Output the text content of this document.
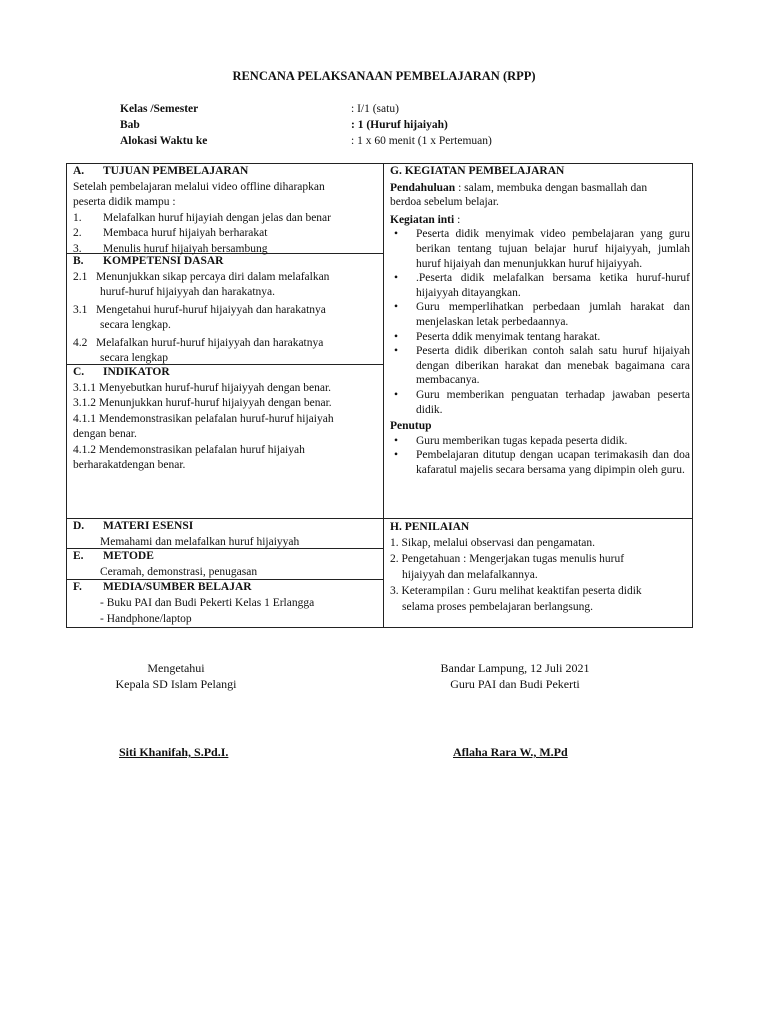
RENCANA PELAKSANAAN PEMBELAJARAN (RPP)
Kelas /Semester	: I/1 (satu)
Bab	: 1 (Huruf hijaiyah)
Alokasi Waktu ke	: 1 x 60 menit (1 x Pertemuan)
A. TUJUAN PEMBELAJARAN
Setelah pembelajaran melalui video offline diharapkan
peserta didik mampu :
1. Melafalkan huruf hijayiah dengan jelas dan benar
2. Membaca huruf hijaiyah berharakat
3. Menulis huruf hijaiyah bersambung
B. KOMPETENSI DASAR
2.1   Menunjukkan sikap percaya diri dalam melafalkan
huruf-huruf hijaiyyah dan harakatnya.
3.1   Mengetahui huruf-huruf hijaiyyah dan harakatnya
secara lengkap.
4.2   Melafalkan huruf-huruf hijaiyyah dan harakatnya
secara lengkap
C. INDIKATOR
3.1.1 Menyebutkan huruf-huruf hijaiyyah dengan benar.
3.1.2 Menunjukkan huruf-huruf hijaiyyah dengan benar.
4.1.1 Mendemonstrasikan pelafalan huruf-huruf hijaiyah
dengan benar.
4.1.2 Mendemonstrasikan pelafalan huruf hijaiyah
berharakatdengan benar.
D. MATERI ESENSI
Memahami dan melafalkan huruf hijaiyyah
E. METODE
Ceramah, demonstrasi, penugasan
F. MEDIA/SUMBER BELAJAR
- Buku PAI dan Budi Pekerti Kelas 1 Erlangga
- Handphone/laptop
G. KEGIATAN PEMBELAJARAN
Pendahuluan : salam, membuka dengan basmallah dan
berdoa sebelum belajar.
Kegiatan inti :
• Peserta didik menyimak video pembelajaran yang guru berikan tentang tujuan belajar huruf hijaiyyah, jumlah huruf hijaiyah dan menunjukkan huruf hijaiyyah.
• .Peserta didik melafalkan bersama ketika huruf-huruf hijaiyyah ditayangkan.
• Guru memperlihatkan perbedaan jumlah harakat dan menjelaskan letak perbedaannya.
• Peserta ddik menyimak tentang harakat.
• Peserta didik diberikan contoh salah satu huruf hijaiyah dengan diberikan harakat dan menebak bagaimana cara membacanya.
• Guru memberikan penguatan terhadap jawaban peserta didik.
Penutup
• Guru memberikan tugas kepada peserta didik.
• Pembelajaran ditutup dengan ucapan terimakasih dan doa kafaratul majelis secara bersama yang dipimpin oleh guru.
H. PENILAIAN
1. Sikap, melalui observasi dan pengamatan.
2. Pengetahuan : Mengerjakan tugas menulis huruf
hijaiyyah dan melafalkannya.
3. Keterampilan : Guru melihat keaktifan peserta didik
selama proses pembelajaran berlangsung.
Mengetahui
Kepala SD Islam Pelangi
Siti Khanifah, S.Pd.I.
Bandar Lampung, 12 Juli 2021
Guru PAI dan Budi Pekerti
Aflaha Rara W., M.Pd
